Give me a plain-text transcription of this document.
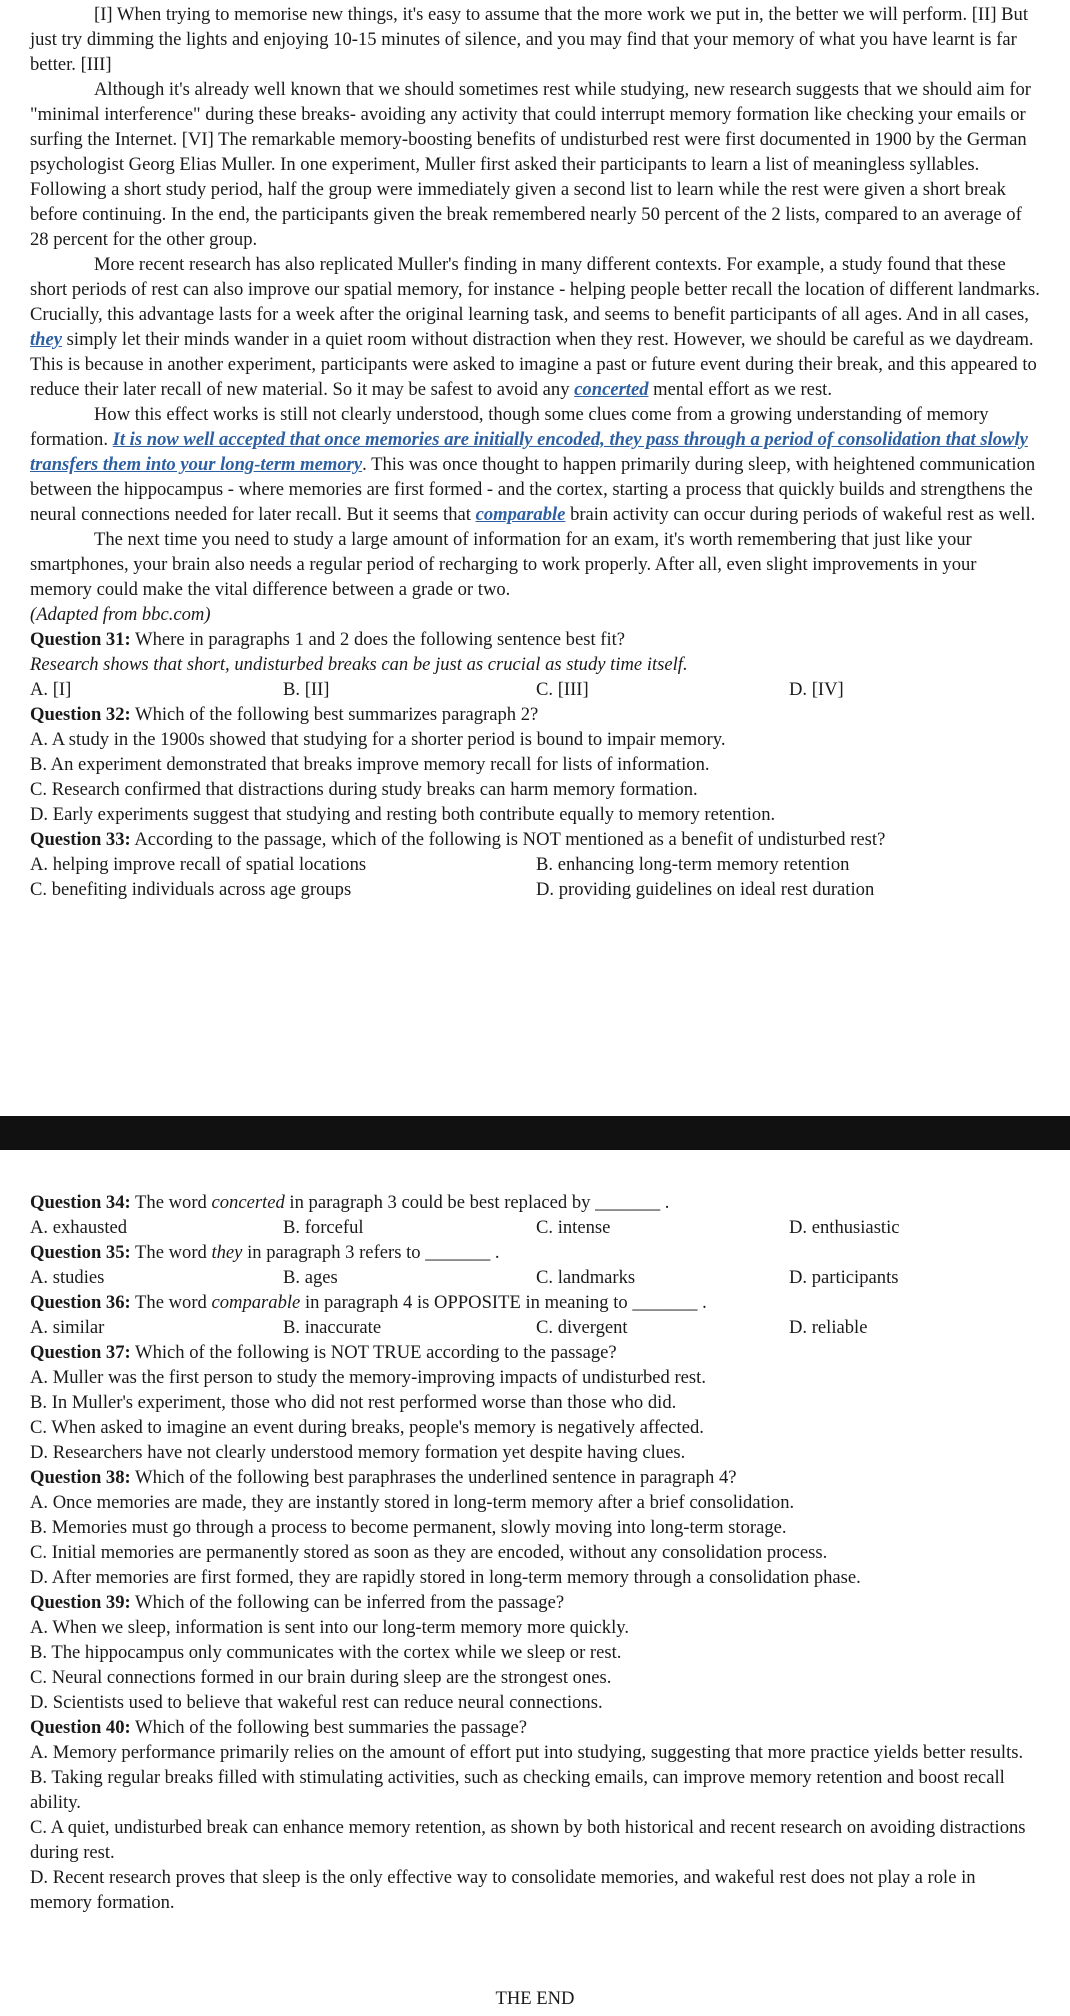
[I] When trying to memorise new things, it's easy to assume that the more work we put in, the better we will perform. [II] But just try dimming the lights and enjoying 10-15 minutes of silence, and you may find that your memory of what you have learnt is far better. [III]

Although it's already well known that we should sometimes rest while studying, new research suggests that we should aim for "minimal interference" during these breaks- avoiding any activity that could interrupt memory formation like checking your emails or surfing the Internet. [VI] The remarkable memory-boosting benefits of undisturbed rest were first documented in 1900 by the German psychologist Georg Elias Muller. In one experiment, Muller first asked their participants to learn a list of meaningless syllables. Following a short study period, half the group were immediately given a second list to learn while the rest were given a short break before continuing. In the end, the participants given the break remembered nearly 50 percent of the 2 lists, compared to an average of 28 percent for the other group.

More recent research has also replicated Muller's finding in many different contexts. For example, a study found that these short periods of rest can also improve our spatial memory, for instance - helping people better recall the location of different landmarks. Crucially, this advantage lasts for a week after the original learning task, and seems to benefit participants of all ages. And in all cases, they simply let their minds wander in a quiet room without distraction when they rest. However, we should be careful as we daydream. This is because in another experiment, participants were asked to imagine a past or future event during their break, and this appeared to reduce their later recall of new material. So it may be safest to avoid any concerted mental effort as we rest.

How this effect works is still not clearly understood, though some clues come from a growing understanding of memory formation. It is now well accepted that once memories are initially encoded, they pass through a period of consolidation that slowly transfers them into your long-term memory. This was once thought to happen primarily during sleep, with heightened communication between the hippocampus - where memories are first formed - and the cortex, starting a process that quickly builds and strengthens the neural connections needed for later recall. But it seems that comparable brain activity can occur during periods of wakeful rest as well.

The next time you need to study a large amount of information for an exam, it's worth remembering that just like your smartphones, your brain also needs a regular period of recharging to work properly. After all, even slight improvements in your memory could make the vital difference between a grade or two.

(Adapted from bbc.com)

Question 31: Where in paragraphs 1 and 2 does the following sentence best fit?

Research shows that short, undisturbed breaks can be just as crucial as study time itself.

A. [I]	B. [II]	C. [III]	D. [IV]

Question 32: Which of the following best summarizes paragraph 2?

A. A study in the 1900s showed that studying for a shorter period is bound to impair memory.

B. An experiment demonstrated that breaks improve memory recall for lists of information.

C. Research confirmed that distractions during study breaks can harm memory formation.

D. Early experiments suggest that studying and resting both contribute equally to memory retention.

Question 33: According to the passage, which of the following is NOT mentioned as a benefit of undisturbed rest?

A. helping improve recall of spatial locations	B. enhancing long-term memory retention
C. benefiting individuals across age groups	D. providing guidelines on ideal rest duration

Question 34: The word concerted in paragraph 3 could be best replaced by _______ .

A. exhausted	B. forceful	C. intense	D. enthusiastic

Question 35: The word they in paragraph 3 refers to _______ .

A. studies	B. ages	C. landmarks	D. participants

Question 36: The word comparable in paragraph 4 is OPPOSITE in meaning to _______ .

A. similar	B. inaccurate	C. divergent	D. reliable

Question 37: Which of the following is NOT TRUE according to the passage?

A. Muller was the first person to study the memory-improving impacts of undisturbed rest.

B. In Muller's experiment, those who did not rest performed worse than those who did.

C. When asked to imagine an event during breaks, people's memory is negatively affected.

D. Researchers have not clearly understood memory formation yet despite having clues.

Question 38: Which of the following best paraphrases the underlined sentence in paragraph 4?

A. Once memories are made, they are instantly stored in long-term memory after a brief consolidation.

B. Memories must go through a process to become permanent, slowly moving into long-term storage.

C. Initial memories are permanently stored as soon as they are encoded, without any consolidation process.

D. After memories are first formed, they are rapidly stored in long-term memory through a consolidation phase.

Question 39: Which of the following can be inferred from the passage?

A. When we sleep, information is sent into our long-term memory more quickly.

B. The hippocampus only communicates with the cortex while we sleep or rest.

C. Neural connections formed in our brain during sleep are the strongest ones.

D. Scientists used to believe that wakeful rest can reduce neural connections.

Question 40: Which of the following best summaries the passage?

A. Memory performance primarily relies on the amount of effort put into studying, suggesting that more practice yields better results.

B. Taking regular breaks filled with stimulating activities, such as checking emails, can improve memory retention and boost recall ability.

C. A quiet, undisturbed break can enhance memory retention, as shown by both historical and recent research on avoiding distractions during rest.

D. Recent research proves that sleep is the only effective way to consolidate memories, and wakeful rest does not play a role in memory formation.

THE END
